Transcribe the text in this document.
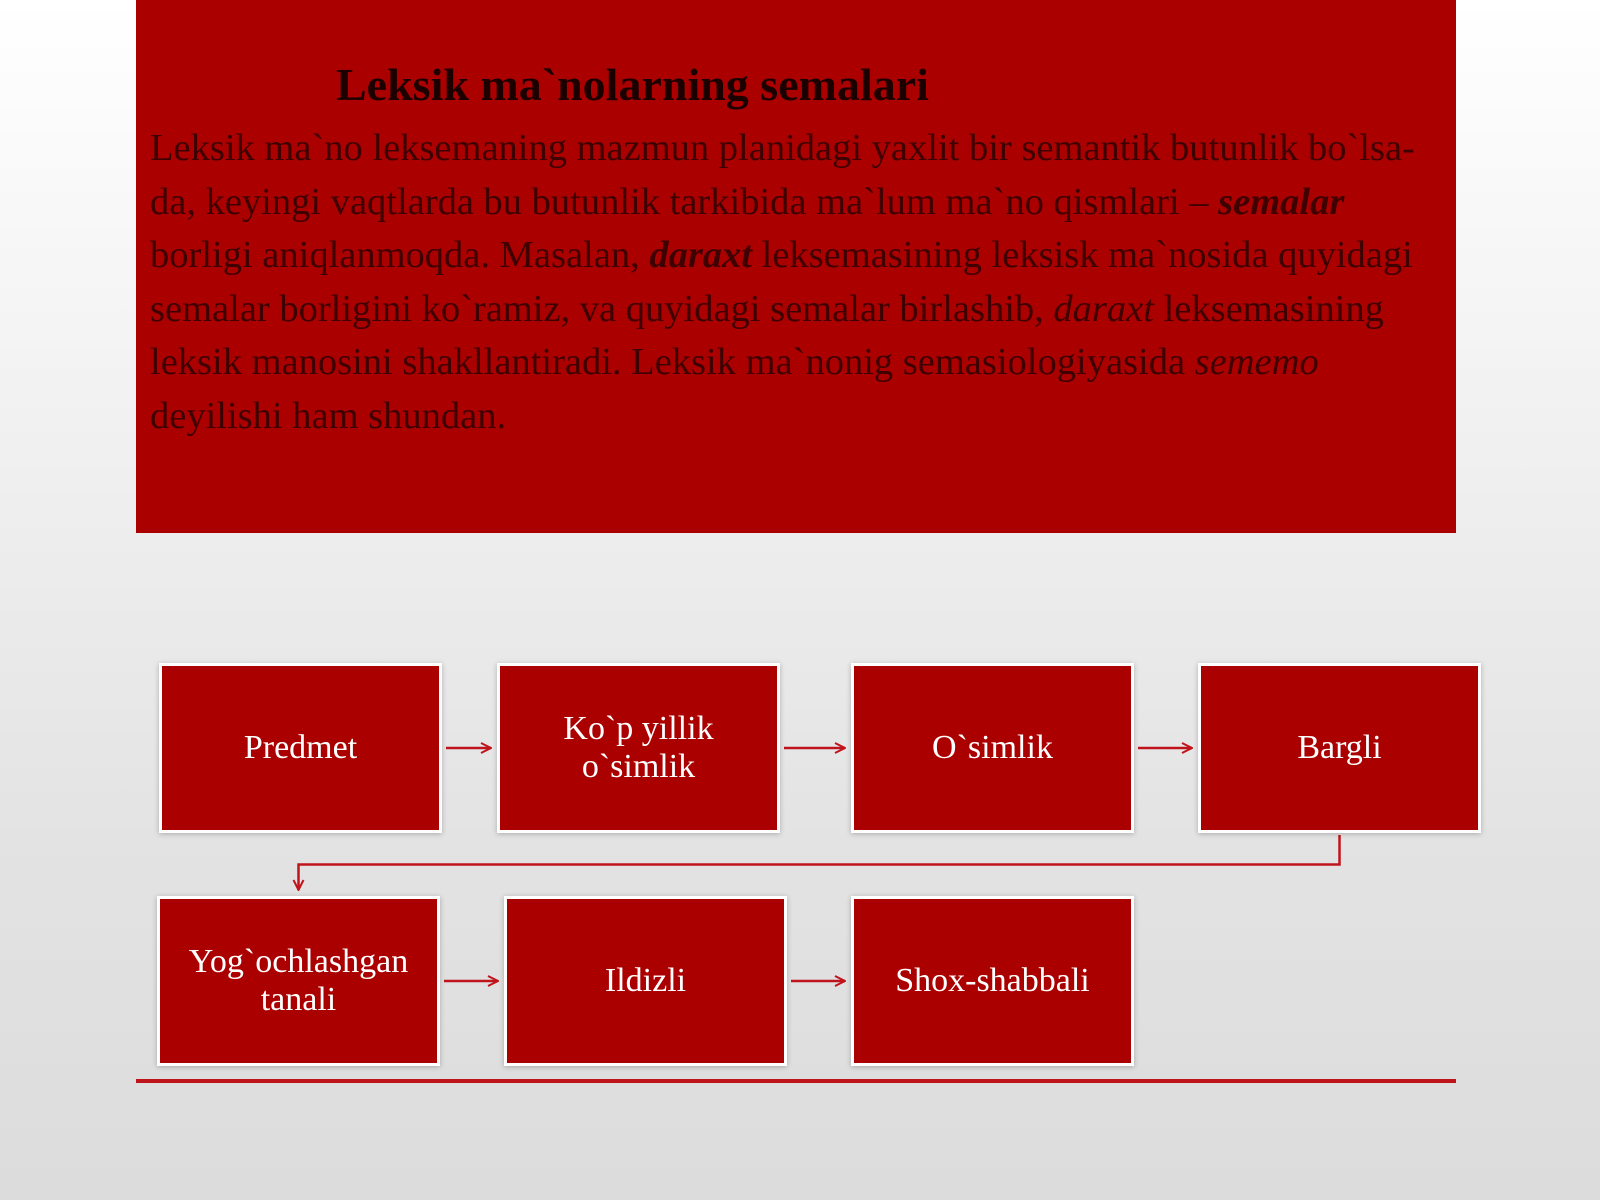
Leksik ma`nolarning semalari

Leksik ma`no leksemaning mazmun planidagi yaxlit bir semantik butunlik bo`lsa-da, keyingi vaqtlarda bu butunlik tarkibida ma`lum ma`no qismlari – semalar borligi aniqlanmoqda. Masalan, daraxt leksemasining leksisk ma`nosida quyidagi semalar borligini ko`ramiz, va quyidagi semalar birlashib, daraxt leksemasining leksik manosini shakllantiradi. Leksik ma`nonig semasiologiyasida sememo deyilishi ham shundan.

Predmet
Ko`p yillik
o`simlik
O`simlik	Bargli
Yog`ochlashgan
tanali
Ildizli	Shox-shabbali
